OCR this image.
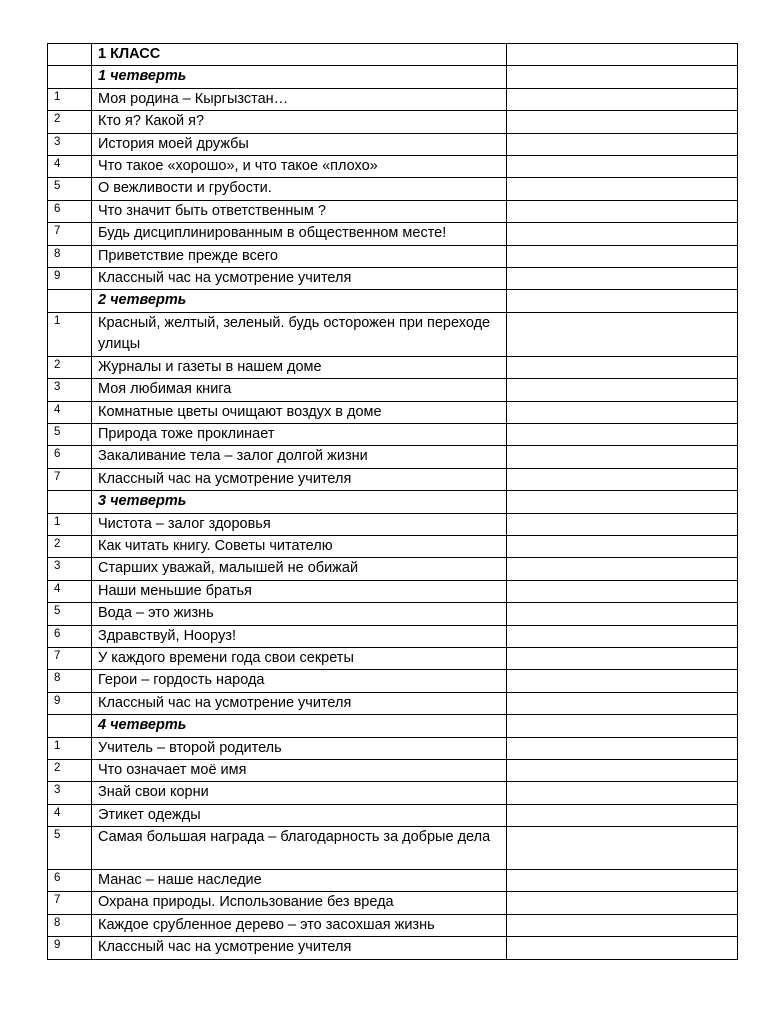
	1 КЛАСС	
	1 четверть	
1	Моя родина – Кыргызстан…	
2	Кто я? Какой я?	
3	История моей дружбы	
4	Что такое «хорошо», и что такое «плохо»	
5	О вежливости и грубости.	
6	Что значит быть ответственным ?	
7	Будь дисциплинированным в общественном месте!	
8	Приветствие прежде всего	
9	Классный час на усмотрение учителя	
	2 четверть	
1	Красный, желтый, зеленый. будь осторожен при переходе улицы	
2	Журналы и газеты в нашем доме	
3	Моя любимая книга	
4	Комнатные цветы очищают воздух в доме	
5	Природа тоже проклинает	
6	Закаливание тела – залог долгой жизни	
7	Классный час на усмотрение учителя	
	3 четверть	
1	Чистота – залог здоровья	
2	Как читать книгу. Советы читателю	
3	Старших уважай, малышей не обижай	
4	Наши меньшие братья	
5	Вода – это жизнь	
6	Здравствуй, Нооруз!	
7	У каждого времени года свои секреты	
8	Герои – гордость народа	
9	Классный час на усмотрение учителя	
	4 четверть	
1	Учитель – второй родитель	
2	Что означает моё имя	
3	Знай свои корни	
4	Этикет одежды	
5	Самая большая награда – благодарность за добрые дела	
6	Манас – наше наследие	
7	Охрана природы. Использование без вреда	
8	Каждое срубленное дерево – это засохшая жизнь	
9	Классный час на усмотрение учителя	
